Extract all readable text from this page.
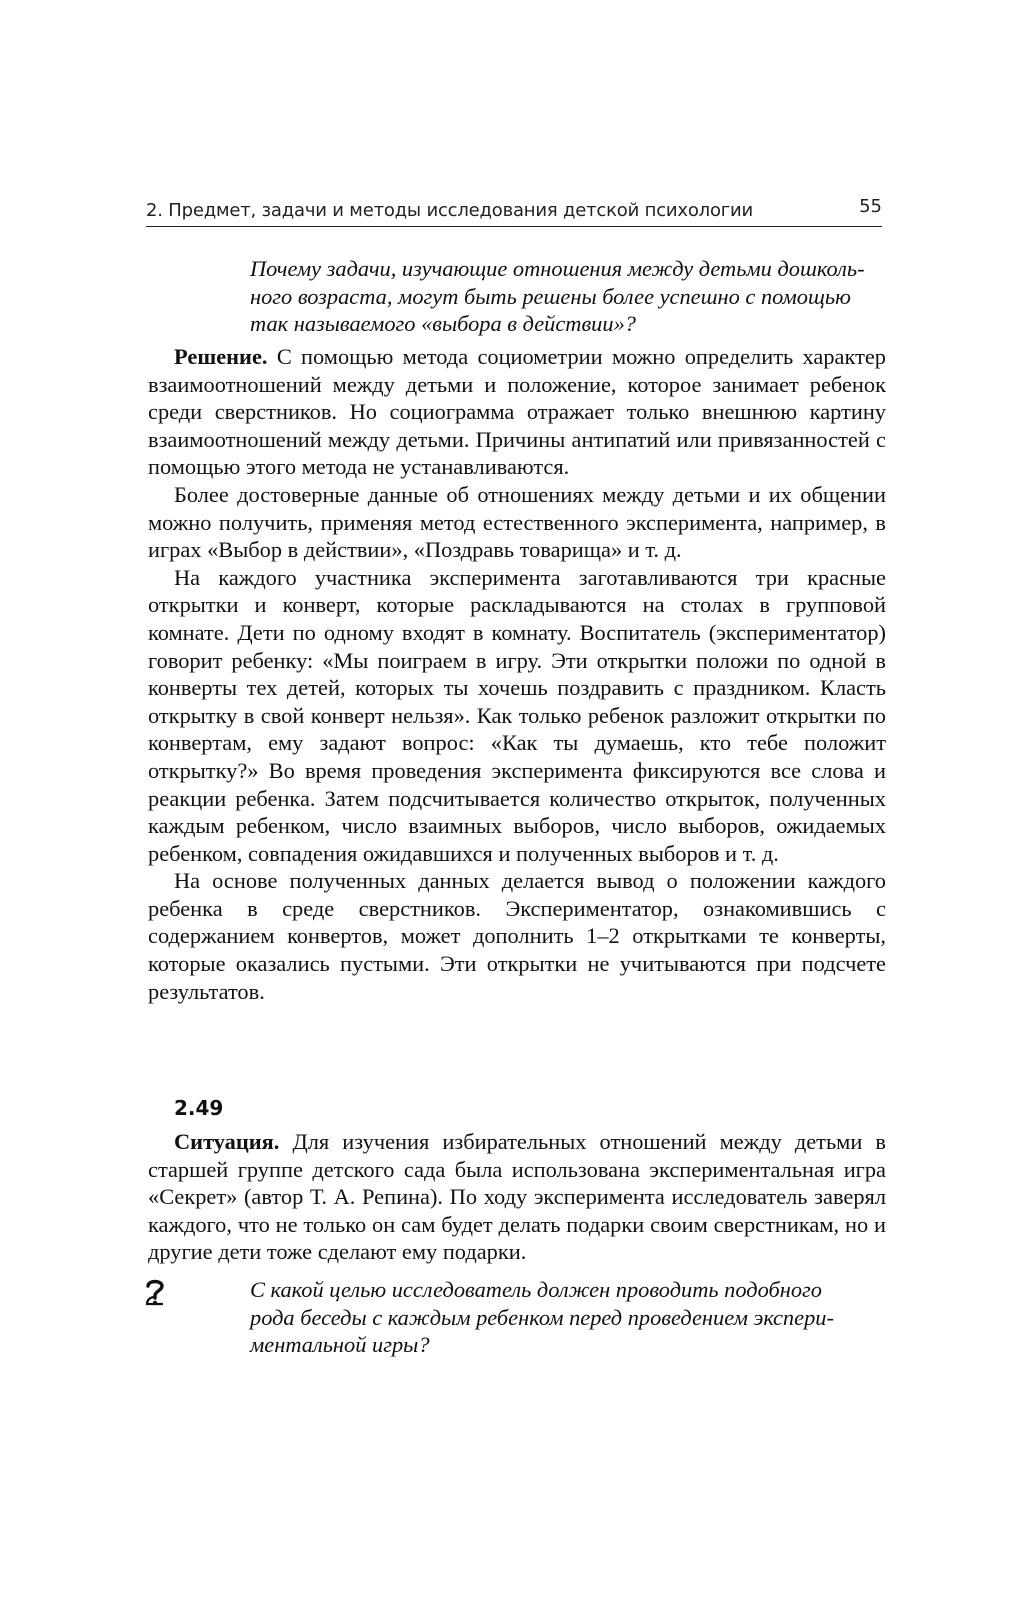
2. Предмет, задачи и методы исследования детской психологии	55
Почему задачи, изучающие отношения между детьми дошколь-
ного возраста, могут быть решены более успешно с помощью
так называемого «выбора в действии»?

Решение. С помощью метода социометрии можно определить характер взаимоотношений между детьми и положение, которое занимает ребенок среди сверстников. Но социограмма отражает только внешнюю картину взаимоотношений между детьми. Причины антипатий или привязанностей с помощью этого метода не устанавливаются.

Более достоверные данные об отношениях между детьми и их общении можно получить, применяя метод естественного эксперимента, например, в играх «Выбор в действии», «Поздравь товарища» и т. д.

На каждого участника эксперимента заготавливаются три красные открытки и конверт, которые раскладываются на столах в групповой комнате. Дети по одному входят в комнату. Воспитатель (экспериментатор) говорит ребенку: «Мы поиграем в игру. Эти открытки положи по одной в конверты тех детей, которых ты хочешь поздравить с праздником. Класть открытку в свой конверт нельзя». Как только ребенок разложит открытки по конвертам, ему задают вопрос: «Как ты думаешь, кто тебе положит открытку?» Во время проведения эксперимента фиксируются все слова и реакции ребенка. Затем подсчитывается количество открыток, полученных каждым ребенком, число взаимных выборов, число выборов, ожидаемых ребенком, совпадения ожидавшихся и полученных выборов и т. д.

На основе полученных данных делается вывод о положении каждого ребенка в среде сверстников. Экспериментатор, ознакомившись с содержанием конвертов, может дополнить 1–2 открытками те конверты, которые оказались пустыми. Эти открытки не учитываются при подсчете результатов.

2.49

Ситуация. Для изучения избирательных отношений между детьми в старшей группе детского сада была использована экспериментальная игра «Секрет» (автор Т. А. Репина). По ходу эксперимента исследователь заверял каждого, что не только он сам будет делать подарки своим сверстникам, но и другие дети тоже сделают ему подарки.

С какой целью исследователь должен проводить подобного
рода беседы с каждым ребенком перед проведением экспери-
ментальной игры?
